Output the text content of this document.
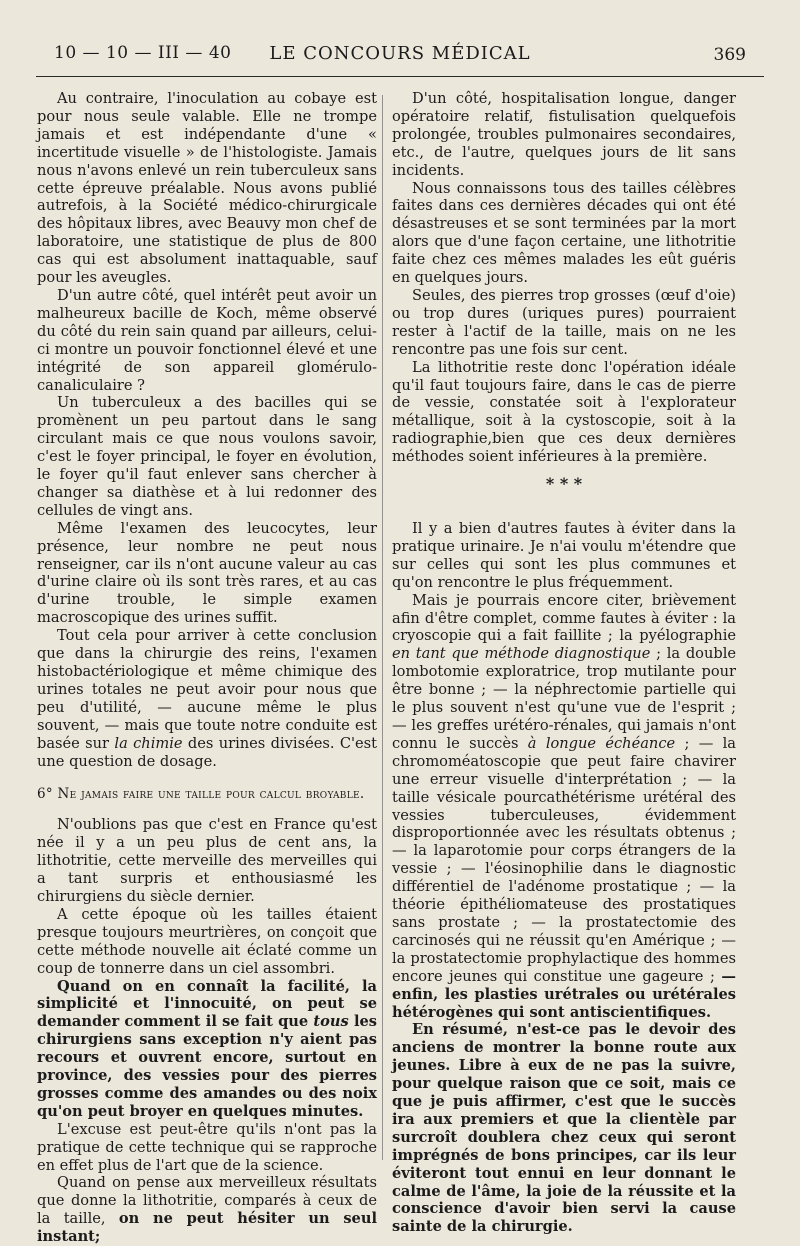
10 — 10 — III — 40	LE CONCOURS MÉDICAL	369

Au contraire, l'inoculation au cobaye est pour nous seule valable. Elle ne trompe jamais et est indépendante d'une « incertitude visuelle » de l'histologiste. Jamais nous n'avons enlevé un rein tuberculeux sans cette épreuve préalable. Nous avons publié autrefois, à la Société médico-chirurgicale des hôpitaux libres, avec Beauvy mon chef de laboratoire, une statistique de plus de 800 cas qui est absolument inattaquable, sauf pour les aveugles.

D'un autre côté, quel intérêt peut avoir un malheureux bacille de Koch, même observé du côté du rein sain quand par ailleurs, celui-ci montre un pouvoir fonctionnel élevé et une intégrité de son appareil glomérulo-canaliculaire ?

Un tuberculeux a des bacilles qui se promènent un peu partout dans le sang circulant mais ce que nous voulons savoir, c'est le foyer principal, le foyer en évolution, le foyer qu'il faut enlever sans chercher à changer sa diathèse et à lui redonner des cellules de vingt ans.

Même l'examen des leucocytes, leur présence, leur nombre ne peut nous renseigner, car ils n'ont aucune valeur au cas d'urine claire où ils sont très rares, et au cas d'urine trouble, le simple examen macroscopique des urines suffit.

Tout cela pour arriver à cette conclusion que dans la chirurgie des reins, l'examen histobactériologique et même chimique des urines totales ne peut avoir pour nous que peu d'utilité, — aucune même le plus souvent, — mais que toute notre conduite est basée sur la chimie des urines divisées. C'est une question de dosage.

6° Ne jamais faire une taille pour calcul broyable.

N'oublions pas que c'est en France qu'est née il y a un peu plus de cent ans, la lithotritie, cette merveille des merveilles qui a tant surpris et enthousiasmé les chirurgiens du siècle dernier.

A cette époque où les tailles étaient presque toujours meurtrières, on conçoit que cette méthode nouvelle ait éclaté comme un coup de tonnerre dans un ciel assombri.

Quand on en connaît la facilité, la simplicité et l'innocuité, on peut se demander comment il se fait que tous les chirurgiens sans exception n'y aient pas recours et ouvrent encore, surtout en province, des vessies pour des pierres grosses comme des amandes ou des noix qu'on peut broyer en quelques minutes.

L'excuse est peut-être qu'ils n'ont pas la pratique de cette technique qui se rapproche en effet plus de l'art que de la science.

Quand on pense aux merveilleux résultats que donne la lithotritie, comparés à ceux de la taille, on ne peut hésiter un seul instant;

D'un côté, hospitalisation longue, danger opératoire relatif, fistulisation quelquefois prolongée, troubles pulmonaires secondaires, etc., de l'autre, quelques jours de lit sans incidents.

Nous connaissons tous des tailles célèbres faites dans ces dernières décades qui ont été désastreuses et se sont terminées par la mort alors que d'une façon certaine, une lithotritie faite chez ces mêmes malades les eût guéris en quelques jours.

Seules, des pierres trop grosses (œuf d'oie) ou trop dures (uriques pures) pourraient rester à l'actif de la taille, mais on ne les rencontre pas une fois sur cent.

La lithotritie reste donc l'opération idéale qu'il faut toujours faire, dans le cas de pierre de vessie, constatée soit à l'explorateur métallique, soit à la cystoscopie, soit à la radiographie,bien que ces deux dernières méthodes soient inférieures à la première.

* * *

Il y a bien d'autres fautes à éviter dans la pratique urinaire. Je n'ai voulu m'étendre que sur celles qui sont les plus communes et qu'on rencontre le plus fréquemment.

Mais je pourrais encore citer, brièvement afin d'être complet, comme fautes à éviter : la cryoscopie qui a fait faillite ; la pyélographie en tant que méthode diagnostique ; la double lombotomie exploratrice, trop mutilante pour être bonne ; — la néphrectomie partielle qui le plus souvent n'est qu'une vue de l'esprit ; — les greffes urétéro-rénales, qui jamais n'ont connu le succès à longue échéance ; — la chromoméatoscopie que peut faire chavirer une erreur visuelle d'interprétation ; — la taille vésicale pourcathétérisme urétéral des vessies tuberculeuses, évidemment disproportionnée avec les résultats obtenus ; — la laparotomie pour corps étrangers de la vessie ; — l'éosinophilie dans le diagnostic différentiel de l'adénome prostatique ; — la théorie épithéliomateuse des prostatiques sans prostate ; — la prostatectomie des carcinosés qui ne réussit qu'en Amérique ; — la prostatectomie prophylactique des hommes encore jeunes qui constitue une gageure ; — enfin, les plasties urétrales ou urétérales hétérogènes qui sont antiscientifiques.

En résumé, n'est-ce pas le devoir des anciens de montrer la bonne route aux jeunes. Libre à eux de ne pas la suivre, pour quelque raison que ce soit, mais ce que je puis affirmer, c'est que le succès ira aux premiers et que la clientèle par surcroît doublera chez ceux qui seront imprégnés de bons principes, car ils leur éviteront tout ennui en leur donnant le calme de l'âme, la joie de la réussite et la conscience d'avoir bien servi la cause sainte de la chirurgie.
